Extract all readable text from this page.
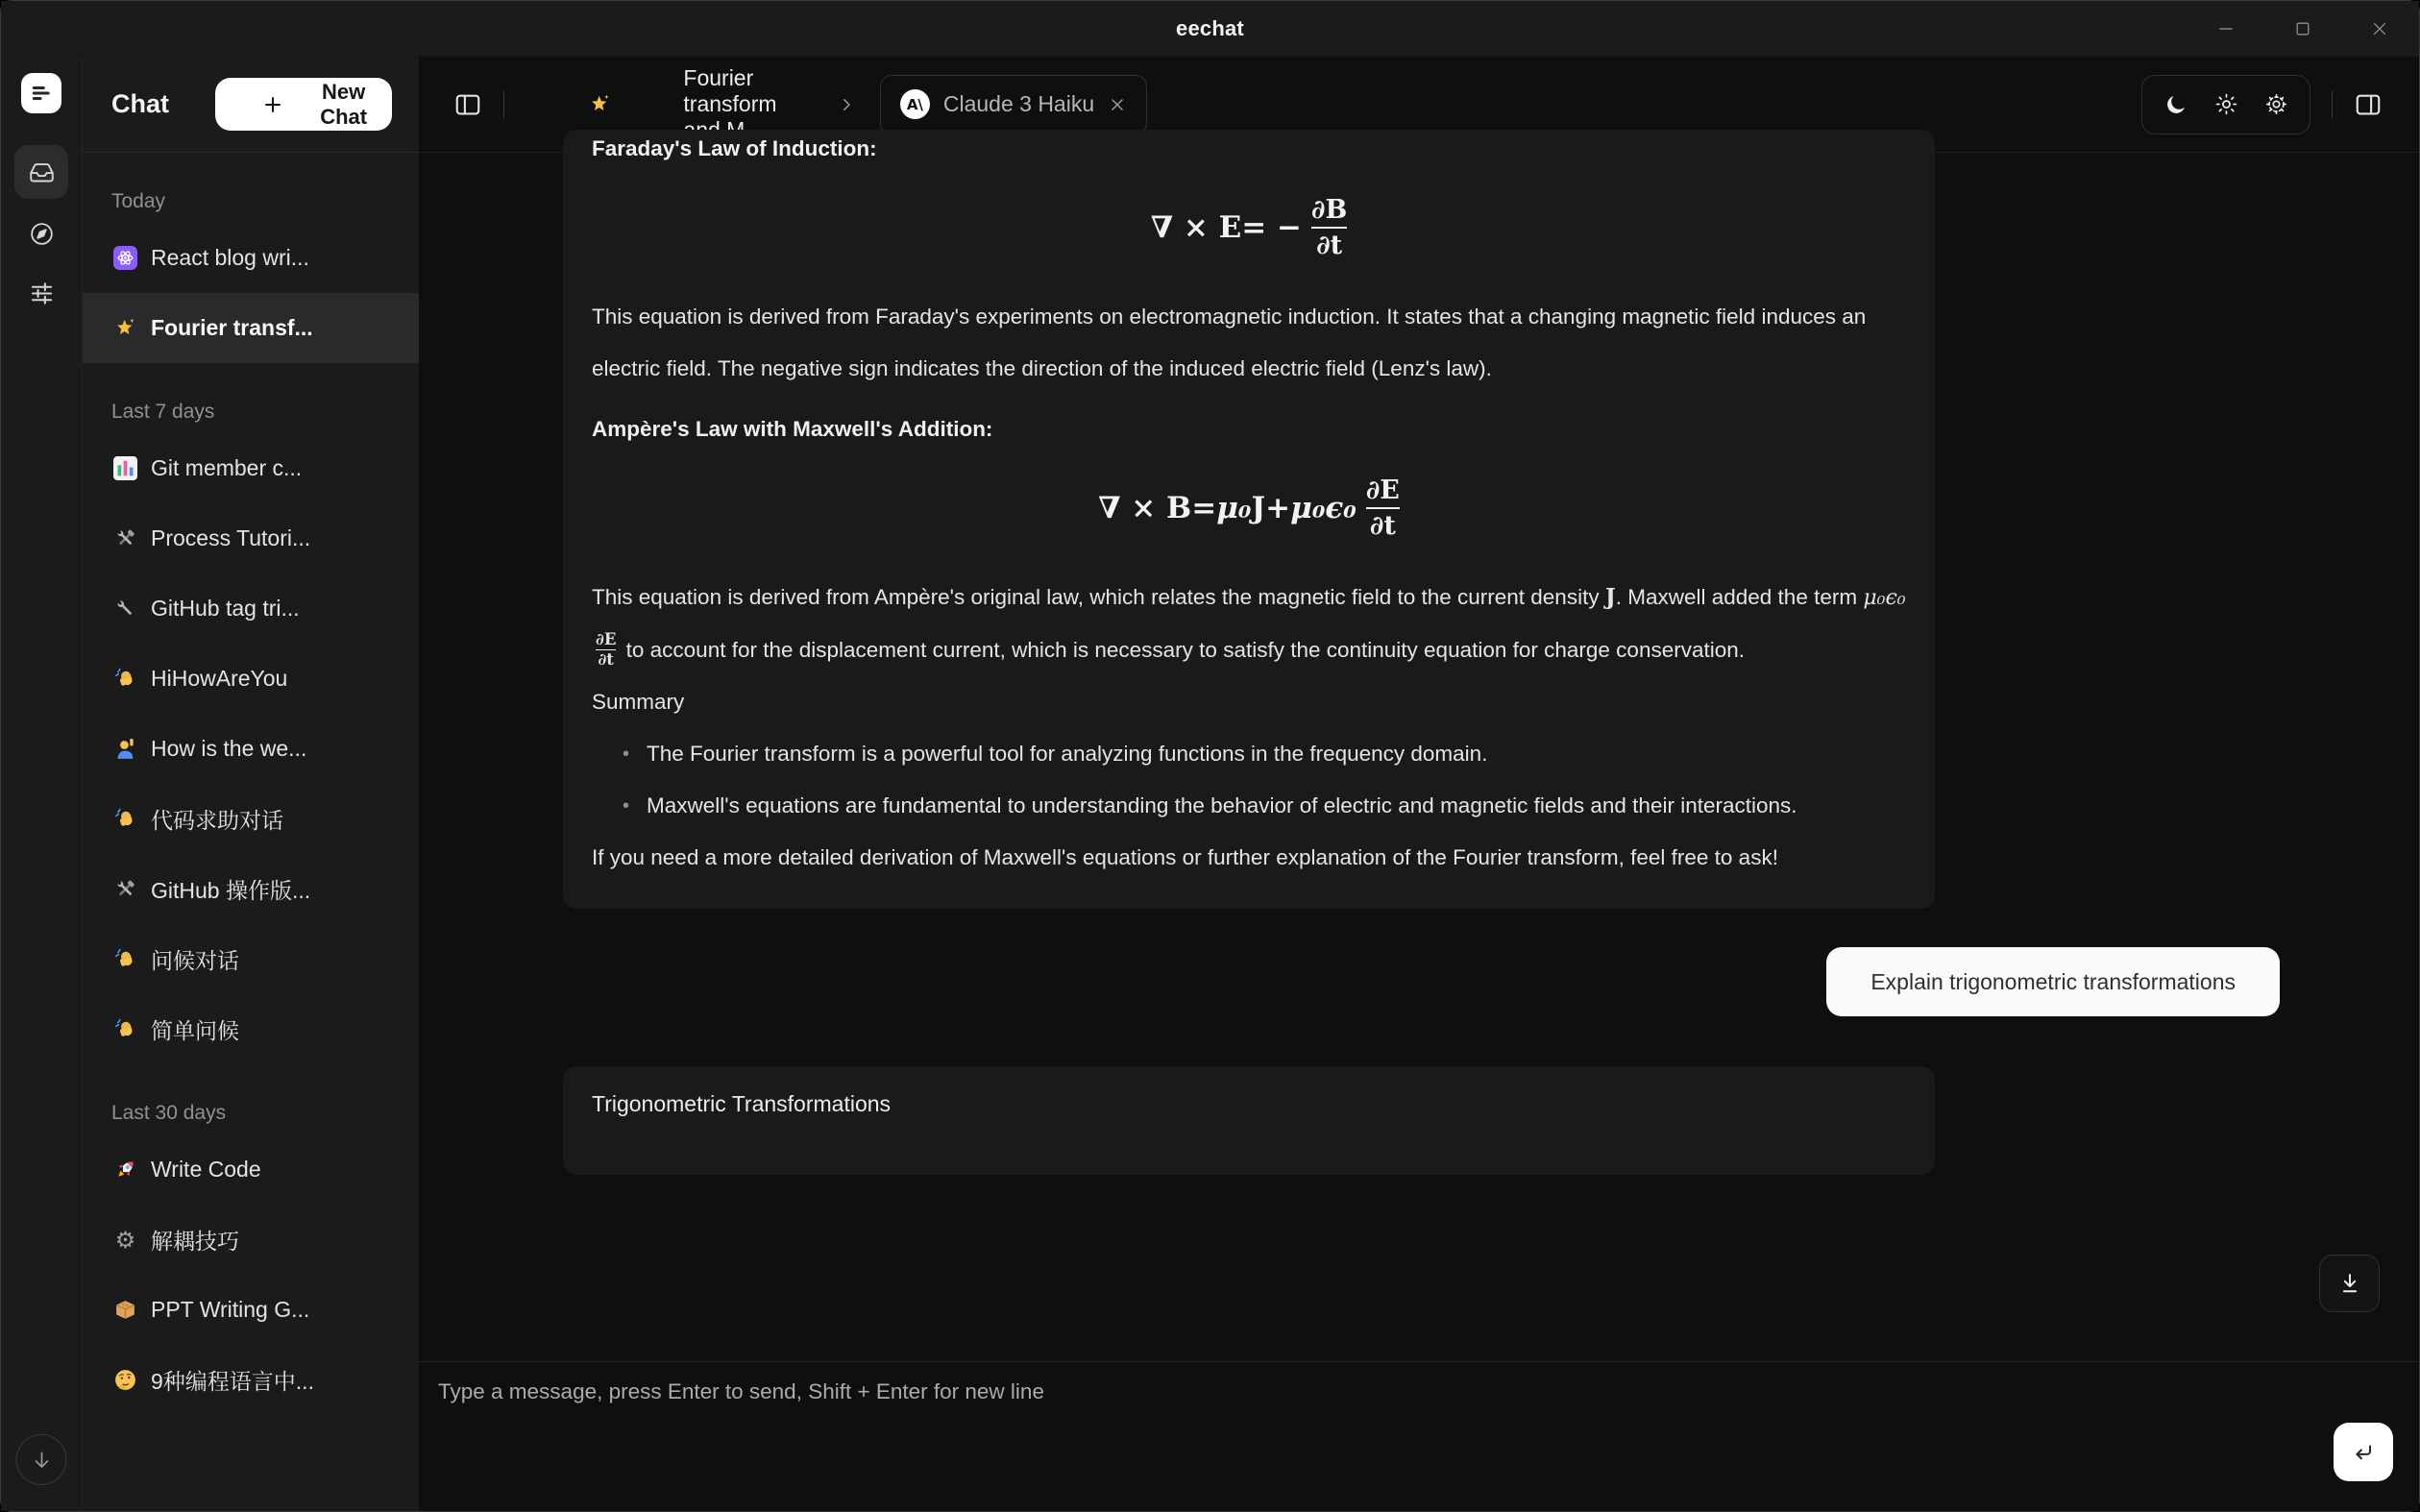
eechat
Chat	New Chat
Today
React blog wri...
Fourier transf...
Last 7 days
Git member c...
Process Tutori...
GitHub tag tri...
HiHowAreYou
How is the we...
代码求助对话
GitHub 操作版...
问候对话
简单问候
Last 30 days
Write Code
⚙ 解耦技巧
PPT Writing G...
9种编程语言中...
Fourier transform	A\ Claude 3 Haiku
Faraday's Law of Induction:
∇ × E = − $\frac{\partial B}{\partial t}$
This equation is derived from Faraday's experiments on electromagnetic induction. It states that a changing magnetic field induces an electric field. The negative sign indicates the direction of the induced electric field (Lenz's law).
Ampère's Law with Maxwell's Addition:
∇ × B = μ₀ $J + \mu_0\epsilon_0 \frac{\partial E}{\partial t}$
This equation is derived from Ampère's original law, which relates the magnetic field to the current density J. Maxwell added the term μ₀ϵ₀
$\frac{\partial E}{\partial t}$ to account for the displacement current, which is necessary to satisfy the continuity equation for charge conservation.
Summary
• The Fourier transform is a powerful tool for analyzing functions in the frequency domain.
• Maxwell's equations are fundamental to understanding the behavior of electric and magnetic fields and their interactions.
If you need a more detailed derivation of Maxwell's equations or further explanation of the Fourier transform, feel free to ask!
Explain trigonometric transformations
Trigonometric Transformations
Type a message, press Enter to send, Shift + Enter for new line
